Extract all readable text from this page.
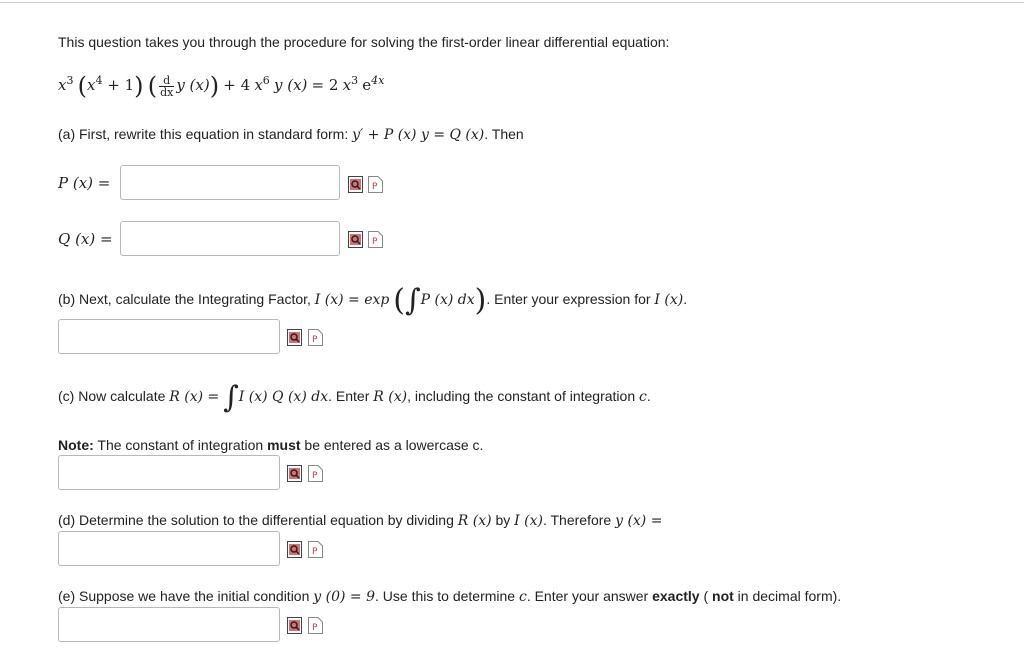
This question takes you through the procedure for solving the first-order linear differential equation:
$x^3$ $(x^4 + 1)$ ( $\frac{d}{dx}$ y (x)) + 4 $x^6$ y (x) = 2 $x^3$ $e^{4x}$
(a) First, rewrite this equation in standard form: y′ + P (x) y = Q (x). Then
P (x) =	P
Q (x) =	P
(b) Next, calculate the Integrating Factor, I (x) = exp (∫P (x) dx). Enter your expression for I (x).
P
(c) Now calculate R (x) = ∫I (x) Q (x) dx. Enter R (x), including the constant of integration c.
Note: The constant of integration must be entered as a lowercase c.
P
(d) Determine the solution to the differential equation by dividing R (x) by I (x). Therefore y (x) =
P
(e) Suppose we have the initial condition y (0) = 9. Use this to determine c. Enter your answer exactly ( not in decimal form).
P
